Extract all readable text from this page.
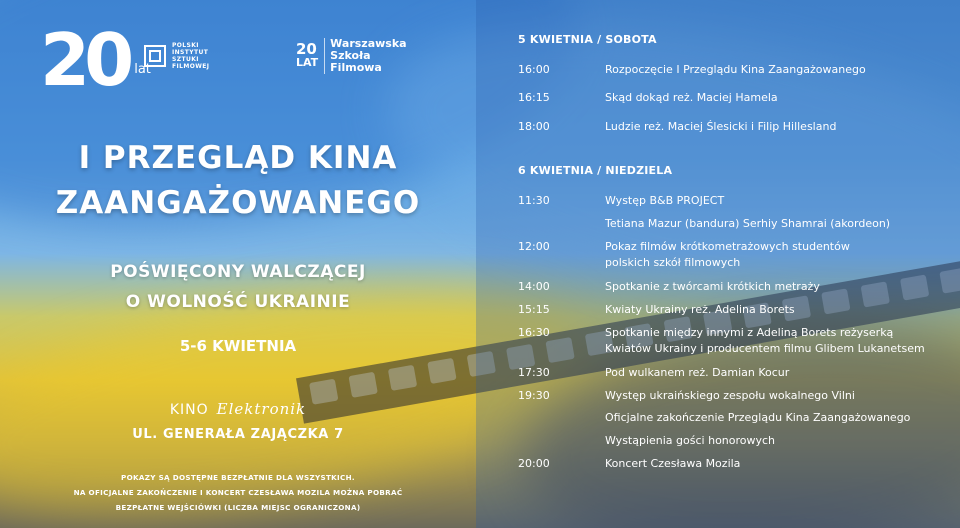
20 lat
POLSKI
INSTYTUT
SZTUKI
FILMOWEJ
20
LAT
Warszawska
Szkoła
Filmowa
I PRZEGLĄD KINA
ZAANGAŻOWANEGO
POŚWIĘCONY WALCZĄCEJ
O WOLNOŚĆ UKRAINIE
5-6 KWIETNIA
KINO Elektronik
UL. GENERAŁA ZAJĄCZKA 7
POKAZY SĄ DOSTĘPNE BEZPŁATNIE DLA WSZYSTKICH.
NA OFICJALNE ZAKOŃCZENIE I KONCERT CZESŁAWA MOZILA MOŻNA POBRAĆ
BEZPŁATNE WEJŚCIÓWKI (LICZBA MIEJSC OGRANICZONA)
5 KWIETNIA / SOBOTA
16:00	Rozpoczęcie I Przeglądu Kina Zaangażowanego
16:15	Skąd dokąd reż. Maciej Hamela
18:00	Ludzie reż. Maciej Ślesicki i Filip Hillesland
6 KWIETNIA / NIEDZIELA
11:30	Występ B&B PROJECT
Tetiana Mazur (bandura) Serhiy Shamrai (akordeon)
12:00	Pokaz filmów krótkometrażowych studentów
polskich szkół filmowych
14:00	Spotkanie z twórcami krótkich metraży
15:15	Kwiaty Ukrainy reż. Adelina Borets
16:30	Spotkanie między innymi z Adeliną Borets reżyserką
Kwiatów Ukrainy i producentem filmu Glibem Lukanetsem
17:30	Pod wulkanem reż. Damian Kocur
19:30	Występ ukraińskiego zespołu wokalnego Vilni
Oficjalne zakończenie Przeglądu Kina Zaangażowanego
Wystąpienia gości honorowych
20:00	Koncert Czesława Mozila
